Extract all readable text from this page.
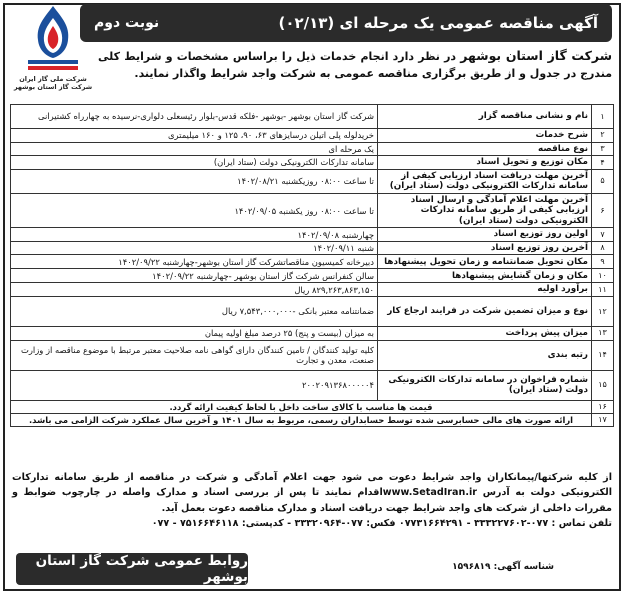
آگهی مناقصه عمومی یک مرحله ای (۰۲/۱۳)
نوبت دوم
شرکت ملی گاز ایران
شرکت گاز استان بوشهر
شرکت گاز استان بوشهر در نظر دارد انجام خدمات ذیل را براساس مشخصات و شرایط کلی مندرج در جدول و از طریق برگزاری مناقصه عمومی به شرکت واجد شرایط واگذار نمایند.
۱	نام و نشانی مناقصه گزار	شرکت گاز استان بوشهر -بوشهر -فلکه قدس-بلوار رئیسعلی دلواری-نرسیده به چهارراه کشتیرانی
۲	شرح خدمات	خریدلوله پلی اتیلن درسایزهای ۶۳، ۹۰، ۱۲۵ و ۱۶۰ میلیمتری
۳	نوع مناقصه	یک مرحله ای
۴	مکان توزیع و تحویل اسناد	سامانه تدارکات الکترونیکی دولت (ستاد ایران)
۵	آخرین مهلت دریافت اسناد ارزیابی کیفی از سامانه تدارکات الکترونیکی دولت (ستاد ایران)	تا ساعت ۰۸:۰۰ روزیکشنبه ۱۴۰۲/۰۸/۲۱
۶	آخرین مهلت اعلام آمادگی و ارسال اسناد ارزیابی کیفی از طریق سامانه تدارکات الکترونیکی دولت (ستاد ایران)	تا ساعت ۰۸:۰۰ روز یکشنبه ۱۴۰۲/۰۹/۰۵
۷	اولین روز توزیع اسناد	چهارشنبه ۱۴۰۲/۰۹/۰۸
۸	آخرین روز توزیع اسناد	شنبه ۱۴۰۲/۰۹/۱۱
۹	مکان تحویل ضمانتنامه و زمان تحویل پیشنهادها	دبیرخانه کمیسیون مناقصاتشرکت گاز استان بوشهر-چهارشنبه ۱۴۰۲/۰۹/۲۲
۱۰	مکان و زمان گشایش پیشنهادها	سالن کنفرانس شرکت گاز استان بوشهر -چهارشنبه ۱۴۰۲/۰۹/۲۲
۱۱	برآورد اولیه	۸۲۹,۲۶۳,۸۶۳,۱۵۰ ریال
۱۲	نوع و میزان تضمین شرکت در فرایند ارجاع کار	ضمانتنامه معتبر بانکی -۷,۵۴۳,۰۰۰,۰۰۰ ریال
۱۳	میزان پیش پرداخت	به میزان (بیست و پنج) ۲۵ درصد مبلغ اولیه پیمان
۱۴	رتبه بندی	کلیه تولید کنندگان / تامین کنندگان دارای گواهی نامه صلاحیت معتبر مرتبط با موضوع مناقصه از وزارت صنعت، معدن و تجارت
۱۵	شماره فراخوان در سامانه تدارکات الکترونیکی دولت (ستاد ایران)	۲۰۰۲۰۹۱۳۶۸۰۰۰۰۰۴
۱۶	قیمت ها مناسب با کالای ساخت داخل با لحاظ کیفیت ارائه گردد.	
۱۷	ارائه صورت های مالی حسابرسی شده توسط حسابداران رسمی، مربوط به سال ۱۴۰۱ و آخرین سال عملکرد شرکت الزامی می باشد.	
از کلیه شرکتها/پیمانکاران واجد شرایط دعوت می شود جهت اعلام آمادگی و شرکت در مناقصه از طریق سامانه تدارکات الکترونیکی دولت به آدرس www.SetadIran.irاقدام نمایند تا پس از بررسی اسناد و مدارک واصله در چارچوب ضوابط و مقررات داخلی از شرکت های واجد شرایط جهت دریافت اسناد و مدارک مناقصه دعوت بعمل آید.
تلفن تماس : ۰۷۷-۳۳۳۲۲۷۶۰۲ - ۰۷۷۳۱۶۶۴۲۹۱ فکس: ۰۷۷-۳۳۳۲۰۹۶۴ - کدپستی: ۷۵۱۶۶۴۶۱۱۸ - ۰۷۷
روابط عمومی شرکت گاز استان بوشهر
شناسه آگهی: ۱۵۹۶۸۱۹
